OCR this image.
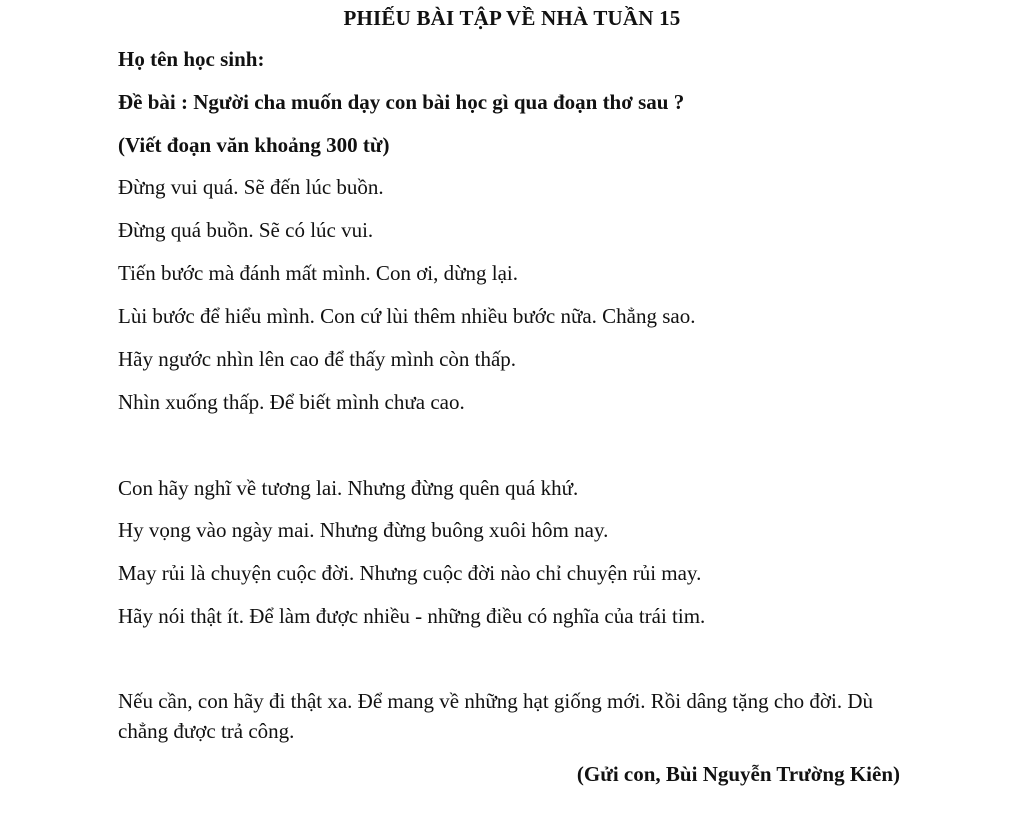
PHIẾU BÀI TẬP VỀ NHÀ TUẦN 15
Họ tên học sinh:
Đề bài : Người cha muốn dạy con bài học gì qua đoạn thơ sau ?
(Viết đoạn văn khoảng 300 từ)
Đừng vui quá. Sẽ đến lúc buồn.
Đừng quá buồn. Sẽ có lúc vui.
Tiến bước mà đánh mất mình. Con ơi, dừng lại.
Lùi bước để hiểu mình. Con cứ lùi thêm nhiều bước nữa. Chẳng sao.
Hãy ngước nhìn lên cao để thấy mình còn thấp.
Nhìn xuống thấp. Để biết mình chưa cao.
Con hãy nghĩ về tương lai. Nhưng đừng quên quá khứ.
Hy vọng vào ngày mai. Nhưng đừng buông xuôi hôm nay.
May rủi là chuyện cuộc đời. Nhưng cuộc đời nào chỉ chuyện rủi may.
Hãy nói thật ít. Để làm được nhiều - những điều có nghĩa của trái tim.
Nếu cần, con hãy đi thật xa. Để mang về những hạt giống mới. Rồi dâng tặng cho đời. Dù chẳng được trả công.
(Gửi con, Bùi Nguyễn Trường Kiên)
